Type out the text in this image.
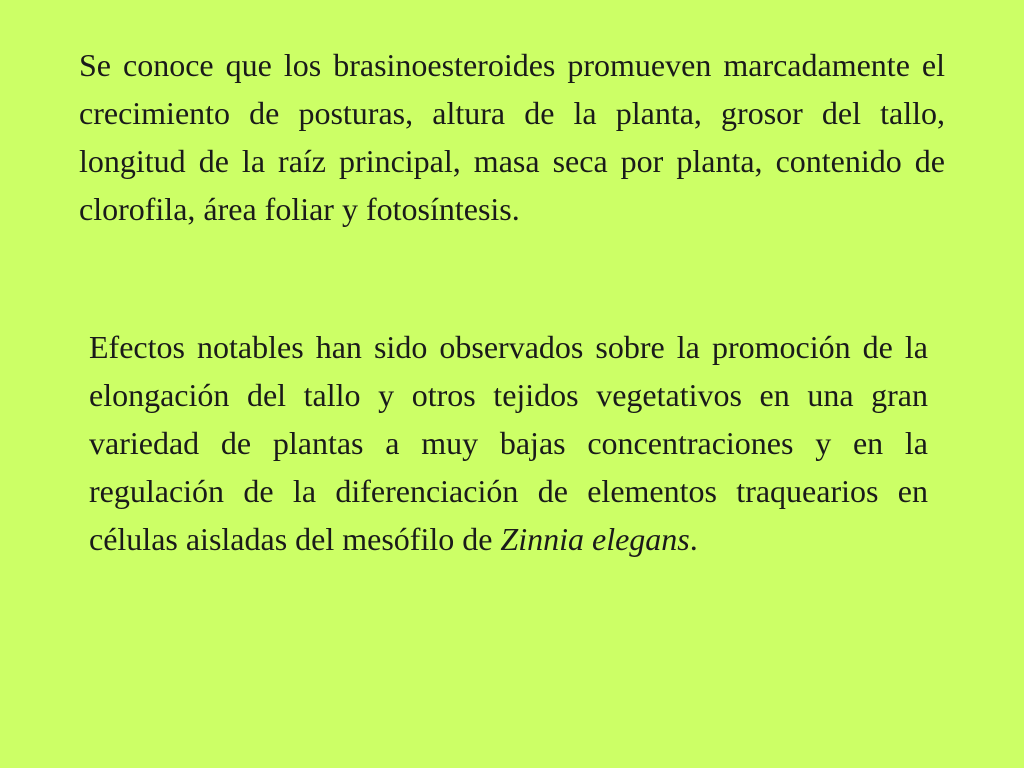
Se conoce que los brasinoesteroides promueven marcadamente el crecimiento de posturas, altura de la planta, grosor del tallo, longitud de la raíz principal, masa seca por planta, contenido de clorofila, área foliar y fotosíntesis.

Efectos notables han sido observados sobre la promoción de la elongación del tallo y otros tejidos vegetativos en una gran variedad de plantas a muy bajas concentraciones y en la regulación de la diferenciación de elementos traquearios en células aisladas del mesófilo de Zinnia elegans.
